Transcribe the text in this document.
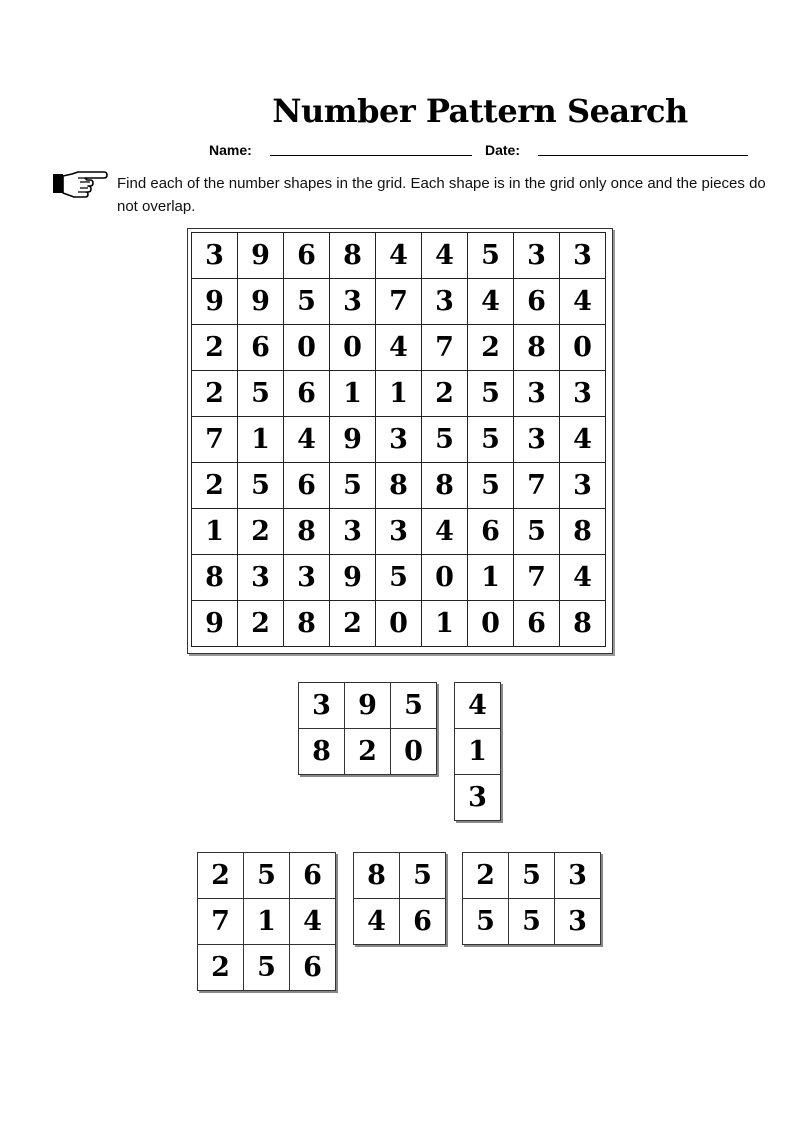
Number Pattern Search
Name:	Date:
Find each of the number shapes in the grid. Each shape is in the grid only once and the pieces do not overlap.
3	9	6	8	4	4	5	3	3
9	9	5	3	7	3	4	6	4
2	6	0	0	4	7	2	8	0
2	5	6	1	1	2	5	3	3
7	1	4	9	3	5	5	3	4
2	5	6	5	8	8	5	7	3
1	2	8	3	3	4	6	5	8
8	3	3	9	5	0	1	7	4
9	2	8	2	0	1	0	6	8
3	9	5
8	2	0
4
1
3
2	5	6
7	1	4
2	5	6
8	5
4	6
2	5	3
5	5	3
